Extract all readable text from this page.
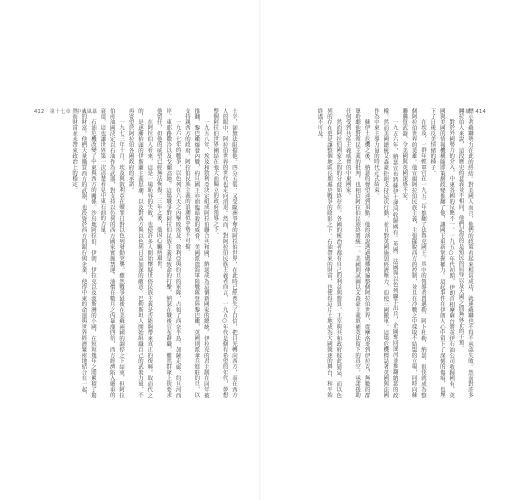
412　第十七章　中東風暴	士卒，卻無法阻擋他。四分五裂、又受歐洲爭奪的阿拉伯世界，在此時已經喪失了自信，把目光轉向西方，而在西方人的眼中，阿拉伯世界的世代也走向消退。然而，對阿拉伯民族主義者而言，一九五○年代是個有希望的年代，夢想整個阿拉伯世界團結在強大而獨立的政府領導之下。

一九五八年，埃及和敘利亞決定組成阿拉伯聯合共和國，納瑟成為這個新國家的總統。伊拉克的君主制在同年被推翻，黎巴嫩爆發內戰，約旦國王亦面臨暗殺的威脅。美國派遣海軍陸戰隊登陸黎巴嫩，英國則派傘兵進駐約旦，以支持親西方的政府。阿拉伯民族主義的浪潮似乎勢不可擋。

一九六七年的戰爭，以色列在六天之內擊敗埃及、敘利亞與約旦的軍隊，占領了西奈半島、加薩走廊、約旦河西岸、東耶路撒冷以及戈蘭高地。這場戰爭對阿拉伯民族主義是致命的打擊，納瑟在戰後宣布辭職，雖然群眾上街要求他留任，但他的威望已經無法恢復。三年之後，他因心臟病過世。

在阿拉伯人看來，這是一場恥辱的失敗，也使許多人開始懷疑世俗民族主義是否能夠帶來真正的復興。取而代之的，是逐漸抬頭的伊斯蘭主義思潮，以及對西方與以色列日益加深的敵意。巴勒斯坦人開始組織自己的武裝力量，不再寄望於阿拉伯各國政府的承諾。

一九七三年十月，埃及與敘利亞在贖罪日對以色列發動突襲。雖然戰爭最後在美蘇兩國的調停之下結束，但阿拉伯產油國決定以石油作為武器，對支持以色列的西方國家實施禁運。油價在數月之內暴漲四倍，西方經濟陷入嚴重的衰退，這也讓世界第一次清楚看見中東石油的力量。

石油危機改變了中東與西方的關係。沙烏地阿拉伯、伊朗、伊拉克以及波斯灣的小國，在短短幾年之間累積了驚人的財富。他們大量購買西方的武器，也投資於西方的銀行與企業，使得中東的命運與世界經濟緊密地結合在一起，然而財富並未帶來政治上的穩定。	序幕　414

標示著蘇聯勢力在此的終結。對美國人而言，他們的政策看起來相當成功，就連蘇聯也不得不承認失敗。然而對許多阿拉伯人來說，這段歷史的意義並不相同，他們記得的是殖民的屈辱以及大國之間無休止的干預。

對於外國勢力的介入，中東各國的反應不一。一九五○年代初期，伊朗首相摩薩台將英伊石油公司收歸國有，英國與美國的情報機構隨即策劃政變推翻了他，讓國王重新掌握權力。這起事件在伊朗人心中留下了深刻的傷痕，也埋下了日後反美情緒的種子。

在埃及，一群年輕軍官在一九五二年推翻了法魯克國王。其中的領導者賈邁勒．阿卜杜勒．納瑟，很快就成為整個阿拉伯世界的英雄。他宣揚阿拉伯民族主義，主張擺脫西方的控制，並且在冷戰之中採取不結盟的立場，同時向蘇聯購買武器，令美國與英國深感不安。

一九五六年，納瑟宣布將蘇伊士運河收歸國有。英國、法國與以色列聯手出兵，企圖奪回運河並推翻納瑟的政權。然而美國總統艾森豪拒絕支持這次行動，並且對英國施加經濟壓力，迫使三國撤軍。這場危機標誌著英國與法國作為中東主導力量的時代正式結束。

蘇伊士危機之後，納瑟的聲望達到頂點。他的演說透過廣播傳遍整個阿拉伯世界，從摩洛哥到伊拉克，無數的群眾聆聽他對殖民主義的批判，也相信阿拉伯民族終將統一。美國則試圖以艾森豪主義填補英法留下的真空，承諾援助任何受到共產主義威脅的中東國家。

然而阿拉伯國家之間的分歧始終存在。各國的統治者都有自己的利益與盤算，王室與共和政府彼此猜忌，而以色列的存在更是讓整個地區長期處於戰爭的陰影之下。石油帶來的財富，也使得這片土地成為大國競逐的舞台，和平始終遙不可及。
